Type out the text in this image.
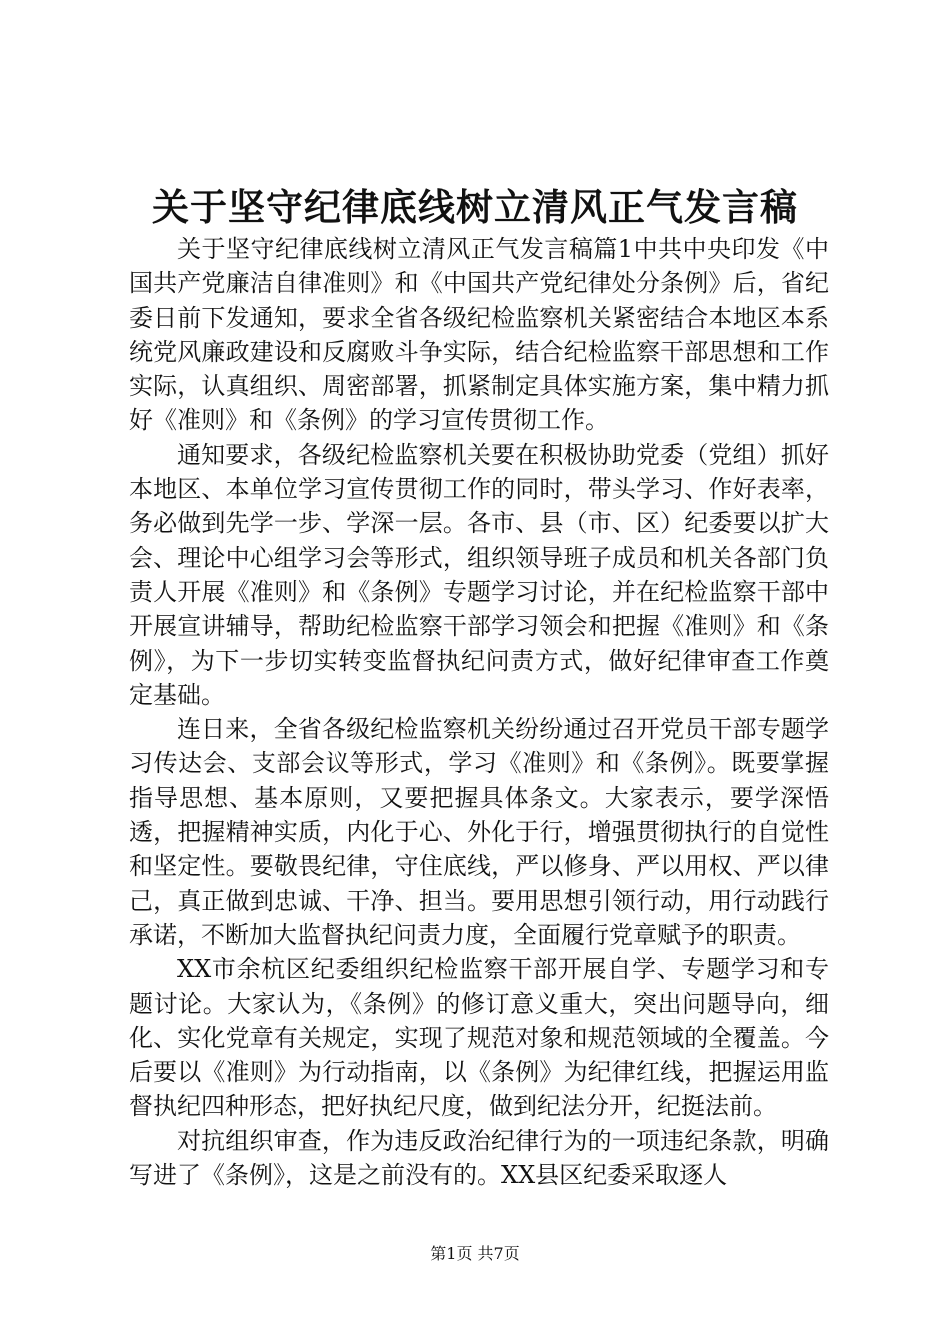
关于坚守纪律底线树立清风正气发言稿

关于坚守纪律底线树立清风正气发言稿篇1中共中央印发《中国共产党廉洁自律准则》和《中国共产党纪律处分条例》后，省纪委日前下发通知，要求全省各级纪检监察机关紧密结合本地区本系统党风廉政建设和反腐败斗争实际，结合纪检监察干部思想和工作实际，认真组织、周密部署，抓紧制定具体实施方案，集中精力抓好《准则》和《条例》的学习宣传贯彻工作。

通知要求，各级纪检监察机关要在积极协助党委（党组）抓好本地区、本单位学习宣传贯彻工作的同时，带头学习、作好表率，务必做到先学一步、学深一层。各市、县（市、区）纪委要以扩大会、理论中心组学习会等形式，组织领导班子成员和机关各部门负责人开展《准则》和《条例》专题学习讨论，并在纪检监察干部中开展宣讲辅导，帮助纪检监察干部学习领会和把握《准则》和《条例》，为下一步切实转变监督执纪问责方式，做好纪律审查工作奠定基础。

连日来，全省各级纪检监察机关纷纷通过召开党员干部专题学习传达会、支部会议等形式，学习《准则》和《条例》。既要掌握指导思想、基本原则，又要把握具体条文。大家表示，要学深悟透，把握精神实质，内化于心、外化于行，增强贯彻执行的自觉性和坚定性。要敬畏纪律，守住底线，严以修身、严以用权、严以律己，真正做到忠诚、干净、担当。要用思想引领行动，用行动践行承诺，不断加大监督执纪问责力度，全面履行党章赋予的职责。

XX市余杭区纪委组织纪检监察干部开展自学、专题学习和专题讨论。大家认为，《条例》的修订意义重大，突出问题导向，细化、实化党章有关规定，实现了规范对象和规范领域的全覆盖。今后要以《准则》为行动指南，以《条例》为纪律红线，把握运用监督执纪四种形态，把好执纪尺度，做到纪法分开，纪挺法前。

对抗组织审查，作为违反政治纪律行为的一项违纪条款，明确写进了《条例》，这是之前没有的。XX县区纪委采取逐人

第1页 共7页
